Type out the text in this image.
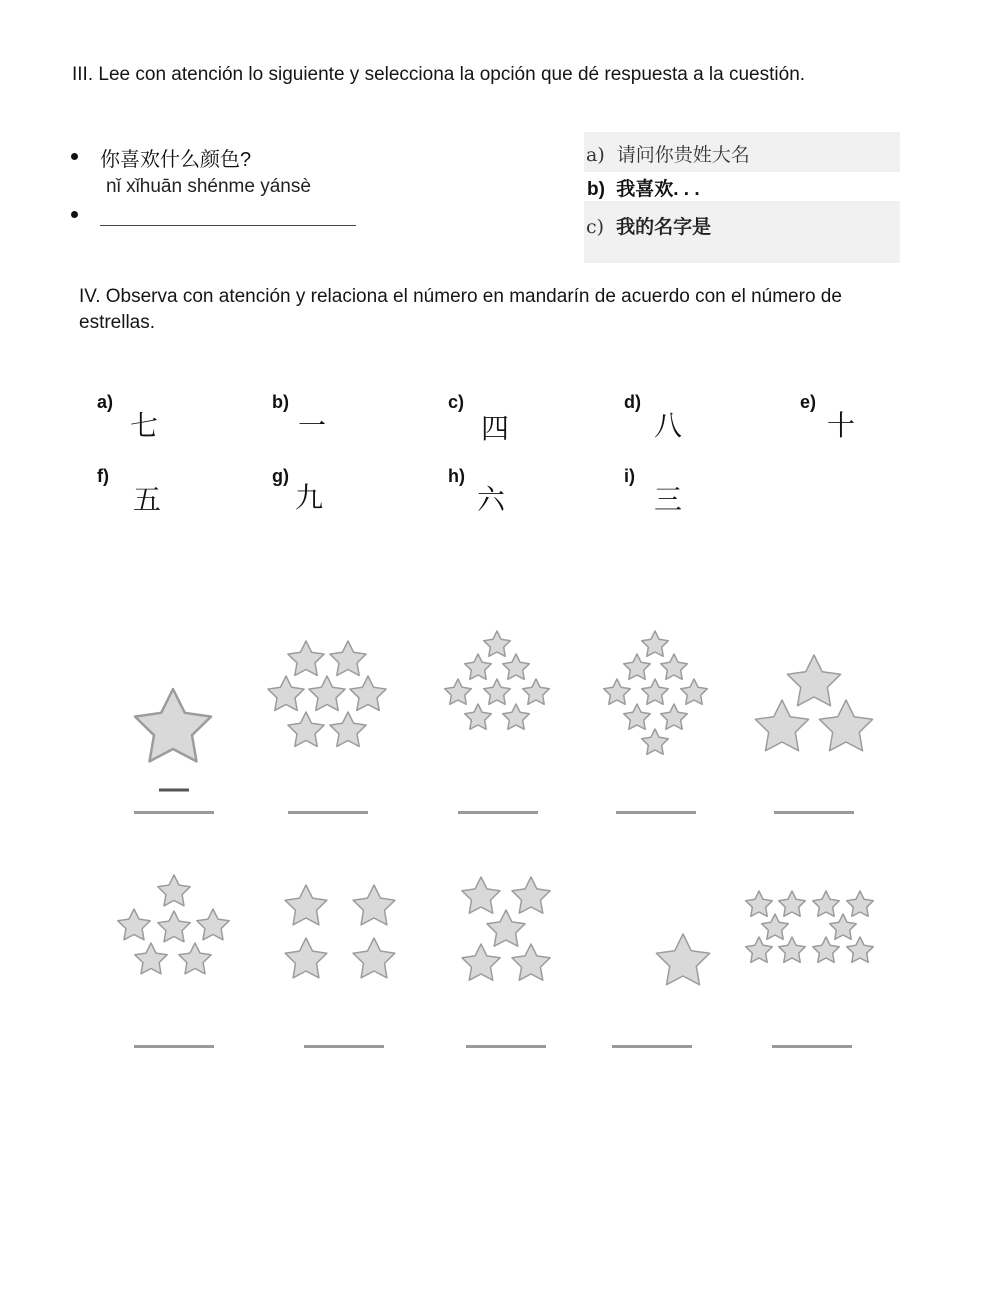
III. Lee con atención lo siguiente y selecciona la opción que dé respuesta a la cuestión.
你喜欢什么颜色?
nǐ xǐhuān shénme yánsè
a) 请问你贵姓大名
b) 我喜欢. . .
c) 我的名字是
IV. Observa con atención y relaciona el número en mandarín de acuerdo con el número de
estrellas.
a)
七
b)
一
c)
四
d)
八
e)
十
f)
五
g)
九
h)
六
i)
三
—
